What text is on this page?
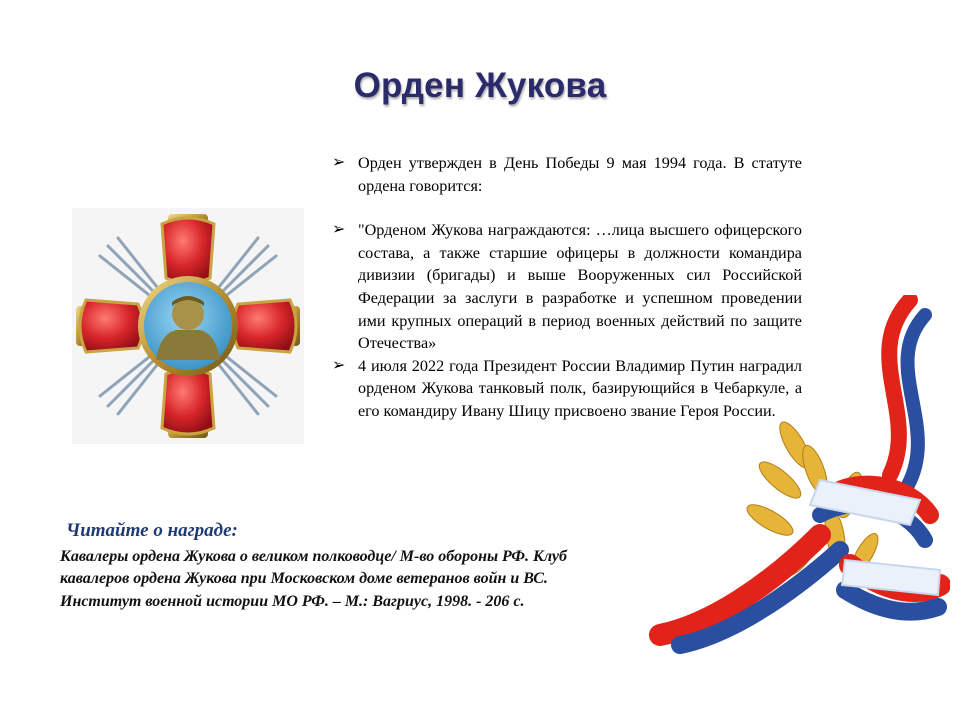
Орден Жукова
➢ Орден утвержден в День Победы 9 мая 1994 года. В статуте ордена говорится:
➢ "Орденом Жукова награждаются: …лица высшего офицерского состава, а также старшие офицеры в должности командира дивизии (бригады) и выше Вооруженных сил Российской Федерации за заслуги в разработке и успешном проведении ими крупных операций в период военных действий по защите Отечества»
➢ 4 июля 2022 года Президент России Владимир Путин наградил орденом Жукова танковый полк, базирующийся в Чебаркуле, а его командиру Ивану Шицу присвоено звание Героя России.
Читайте о награде:
Кавалеры ордена Жукова о великом полководце/ М-во обороны РФ. Клуб кавалеров ордена Жукова при Московском доме ветеранов войн и ВС. Институт военной истории МО РФ. – М.: Вагриус, 1998. - 206 с.
